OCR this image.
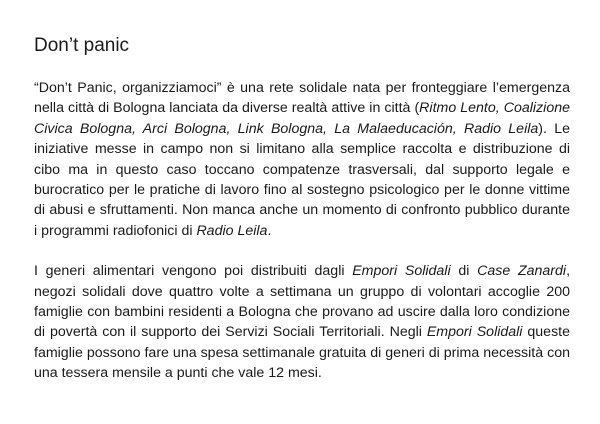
Don’t panic

“Don’t Panic, organizziamoci” è una rete solidale nata per fronteggiare l’emergenza nella città di Bologna lanciata da diverse realtà attive in città (Ritmo Lento, Coalizione Civica Bologna, Arci Bologna, Link Bologna, La Malaeducación, Radio Leila). Le iniziative messe in campo non si limitano alla semplice raccolta e distribuzione di cibo ma in questo caso toccano compatenze trasversali, dal supporto legale e burocratico per le pratiche di lavoro fino al sostegno psicologico per le donne vittime di abusi e sfruttamenti. Non manca anche un momento di confronto pubblico durante i programmi radiofonici di Radio Leila.

I generi alimentari vengono poi distribuiti dagli Empori Solidali di Case Zanardi, negozi solidali dove quattro volte a settimana un gruppo di volontari accoglie 200 famiglie con bambini residenti a Bologna che provano ad uscire dalla loro condizione di povertà con il supporto dei Servizi Sociali Territoriali. Negli Empori Solidali queste famiglie possono fare una spesa settimanale gratuita di generi di prima necessità con una tessera mensile a punti che vale 12 mesi.
